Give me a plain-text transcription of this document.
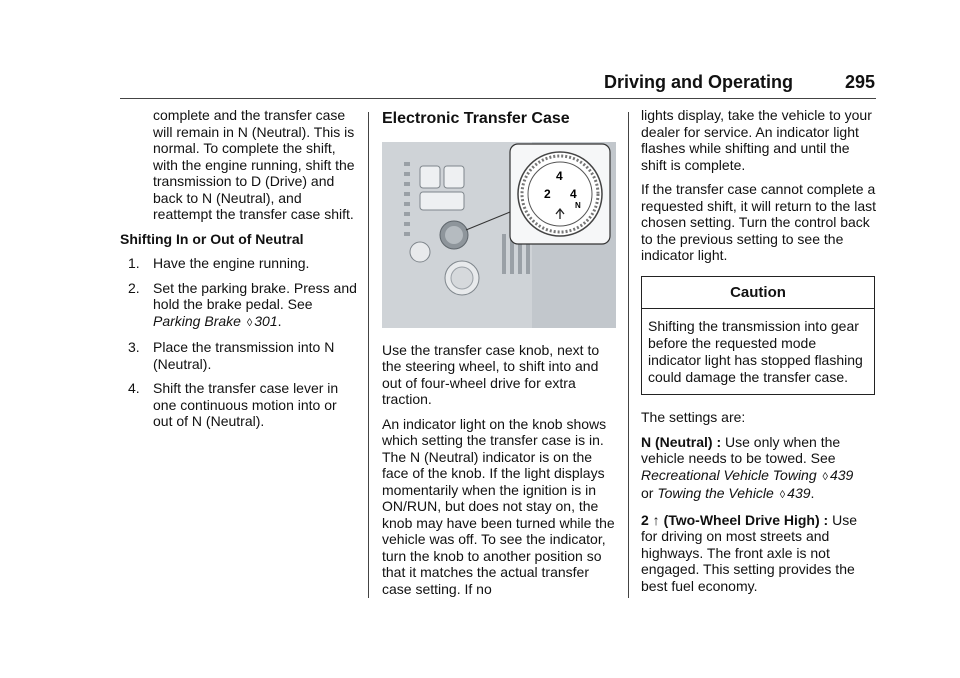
Driving and Operating	295

complete and the transfer case will remain in N (Neutral). This is normal. To complete the shift, with the engine running, shift the transmission to D (Drive) and back to N (Neutral), and reattempt the transfer case shift.

Shifting In or Out of Neutral
1. Have the engine running.
2. Set the parking brake. Press and hold the brake pedal. See Parking Brake ◊ 301.
3. Place the transmission into N (Neutral).
4. Shift the transfer case lever in one continuous motion into or out of N (Neutral).
Electronic Transfer Case
2
4
4
N

Use the transfer case knob, next to the steering wheel, to shift into and out of four-wheel drive for extra traction.

An indicator light on the knob shows which setting the transfer case is in. The N (Neutral) indicator is on the face of the knob. If the light displays momentarily when the ignition is in ON/RUN, but does not stay on, the knob may have been turned while the vehicle was off. To see the indicator, turn the knob to another position so that it matches the actual transfer case setting. If no

lights display, take the vehicle to your dealer for service. An indicator light flashes while shifting and until the shift is complete.

If the transfer case cannot complete a requested shift, it will return to the last chosen setting. Turn the control back to the previous setting to see the indicator light.

Caution
Shifting the transmission into gear before the requested mode indicator light has stopped flashing could damage the transfer case.

The settings are:

N (Neutral) : Use only when the vehicle needs to be towed. See Recreational Vehicle Towing ◊ 439
or Towing the Vehicle ◊ 439.

2 ↑ (Two-Wheel Drive High) : Use for driving on most streets and highways. The front axle is not engaged. This setting provides the best fuel economy.
